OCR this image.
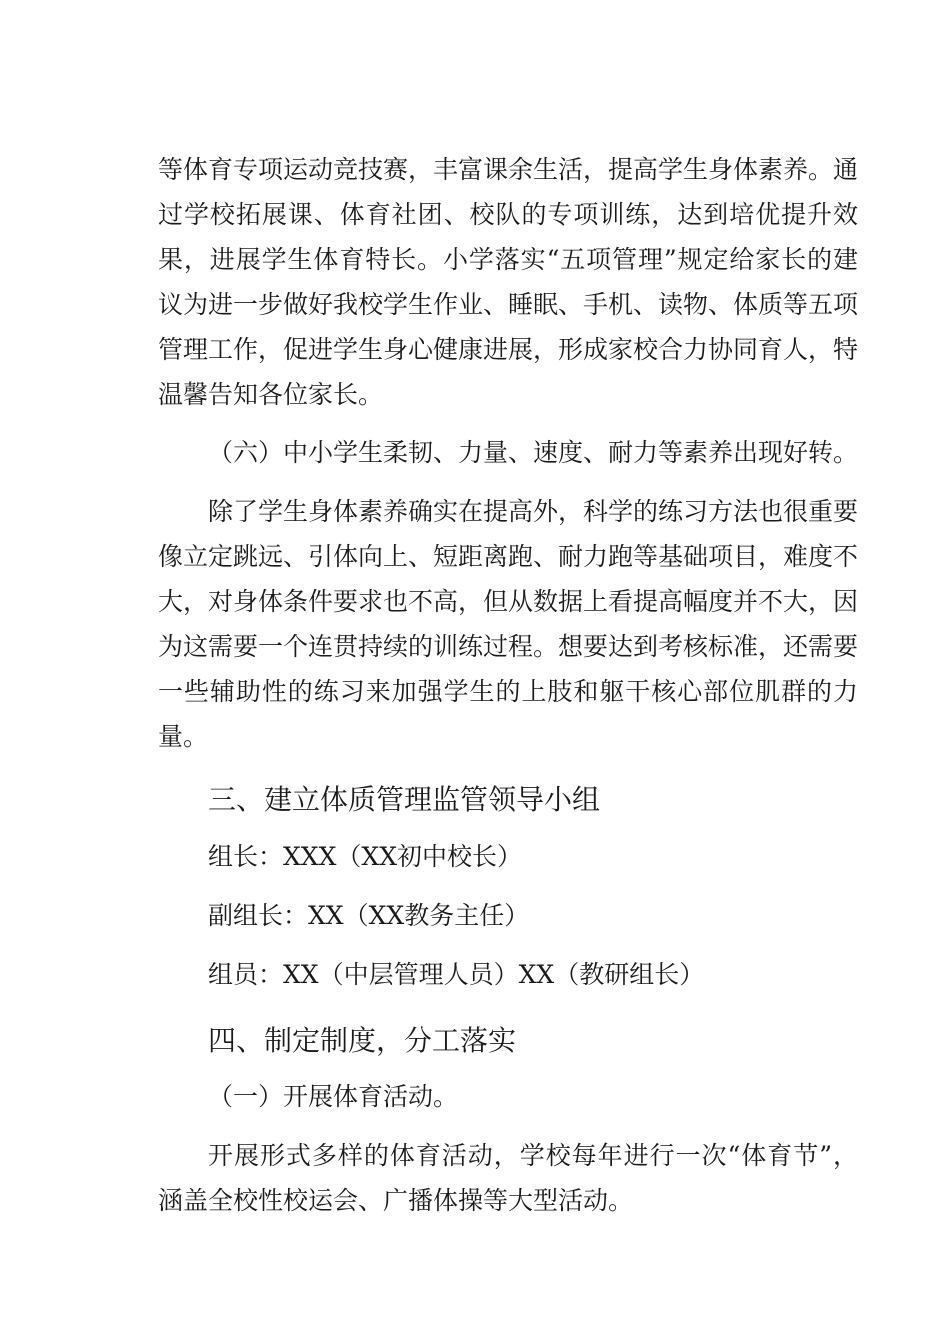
等体育专项运动竞技赛，丰富课余生活，提高学生身体素养。通
过学校拓展课、体育社团、校队的专项训练，达到培优提升效
果，进展学生体育特长。小学落实“五项管理”规定给家长的建
议为进一步做好我校学生作业、睡眠、手机、读物、体质等五项
管理工作，促进学生身心健康进展，形成家校合力协同育人，特
温馨告知各位家长。
（六）中小学生柔韧、力量、速度、耐力等素养出现好转。
除了学生身体素养确实在提高外，科学的练习方法也很重要
像立定跳远、引体向上、短距离跑、耐力跑等基础项目，难度不
大，对身体条件要求也不高，但从数据上看提高幅度并不大，因
为这需要一个连贯持续的训练过程。想要达到考核标准，还需要
一些辅助性的练习来加强学生的上肢和躯干核心部位肌群的力
量。
三、建立体质管理监管领导小组
组长：XXX（XX初中校长）
副组长：XX（XX教务主任）
组员：XX（中层管理人员）XX（教研组长）
四、制定制度，分工落实
（一）开展体育活动。
开展形式多样的体育活动，学校每年进行一次“体育节”，
涵盖全校性校运会、广播体操等大型活动。
